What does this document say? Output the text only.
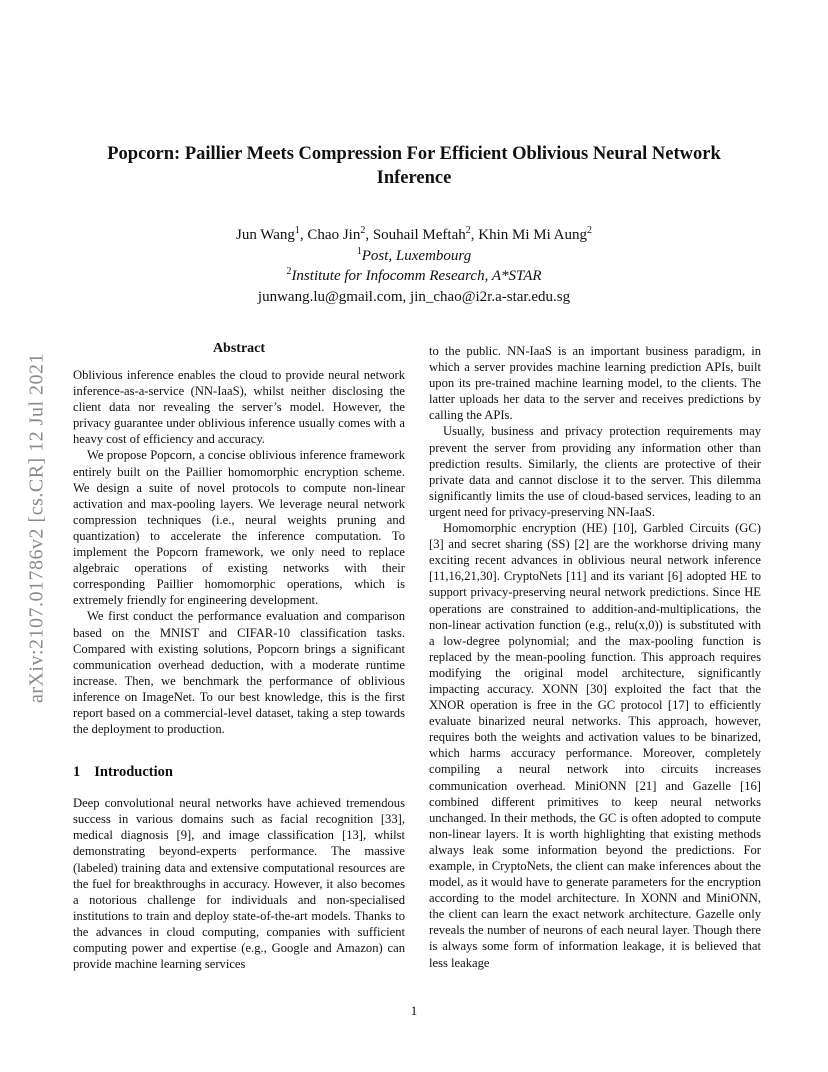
arXiv:2107.01786v2 [cs.CR] 12 Jul 2021
Popcorn: Paillier Meets Compression For Efficient Oblivious Neural Network Inference
Jun Wang$^1$, Chao Jin$^2$, Souhail Meftah$^2$, Khin Mi Mi Aung$^2$
$^1$Post, Luxembourg
$^2$Institute for Infocomm Research, A*STAR
junwang.lu@gmail.com, jin_chao@i2r.a-star.edu.sg
Abstract

Oblivious inference enables the cloud to provide neural network inference-as-a-service (NN-IaaS), whilst neither disclosing the client data nor revealing the server’s model. However, the privacy guarantee under oblivious inference usually comes with a heavy cost of efficiency and accuracy.

We propose Popcorn, a concise oblivious inference framework entirely built on the Paillier homomorphic encryption scheme. We design a suite of novel protocols to compute non-linear activation and max-pooling layers. We leverage neural network compression techniques (i.e., neural weights pruning and quantization) to accelerate the inference computation. To implement the Popcorn framework, we only need to replace algebraic operations of existing networks with their corresponding Paillier homomorphic operations, which is extremely friendly for engineering development.

We first conduct the performance evaluation and comparison based on the MNIST and CIFAR-10 classification tasks. Compared with existing solutions, Popcorn brings a significant communication overhead deduction, with a moderate runtime increase. Then, we benchmark the performance of oblivious inference on ImageNet. To our best knowledge, this is the first report based on a commercial-level dataset, taking a step towards the deployment to production.

1 Introduction

Deep convolutional neural networks have achieved tremendous success in various domains such as facial recognition [33], medical diagnosis [9], and image classification [13], whilst demonstrating beyond-experts performance. The massive (labeled) training data and extensive computational resources are the fuel for breakthroughs in accuracy. However, it also becomes a notorious challenge for individuals and non-specialised institutions to train and deploy state-of-the-art models. Thanks to the advances in cloud computing, companies with sufficient computing power and expertise (e.g., Google and Amazon) can provide machine learning services

to the public. NN-IaaS is an important business paradigm, in which a server provides machine learning prediction APIs, built upon its pre-trained machine learning model, to the clients. The latter uploads her data to the server and receives predictions by calling the APIs.

Usually, business and privacy protection requirements may prevent the server from providing any information other than prediction results. Similarly, the clients are protective of their private data and cannot disclose it to the server. This dilemma significantly limits the use of cloud-based services, leading to an urgent need for privacy-preserving NN-IaaS.

Homomorphic encryption (HE) [10], Garbled Circuits (GC) [3] and secret sharing (SS) [2] are the workhorse driving many exciting recent advances in oblivious neural network inference [11,16,21,30]. CryptoNets [11] and its variant [6] adopted HE to support privacy-preserving neural network predictions. Since HE operations are constrained to addition-and-multiplications, the non-linear activation function (e.g., relu(x,0)) is substituted with a low-degree polynomial; and the max-pooling function is replaced by the mean-pooling function. This approach requires modifying the original model architecture, significantly impacting accuracy. XONN [30] exploited the fact that the XNOR operation is free in the GC protocol [17] to efficiently evaluate binarized neural networks. This approach, however, requires both the weights and activation values to be binarized, which harms accuracy performance. Moreover, completely compiling a neural network into circuits increases communication overhead. MiniONN [21] and Gazelle [16] combined different primitives to keep neural networks unchanged. In their methods, the GC is often adopted to compute non-linear layers. It is worth highlighting that existing methods always leak some information beyond the predictions. For example, in CryptoNets, the client can make inferences about the model, as it would have to generate parameters for the encryption according to the model architecture. In XONN and MiniONN, the client can learn the exact network architecture. Gazelle only reveals the number of neurons of each neural layer. Though there is always some form of information leakage, it is believed that less leakage

1
